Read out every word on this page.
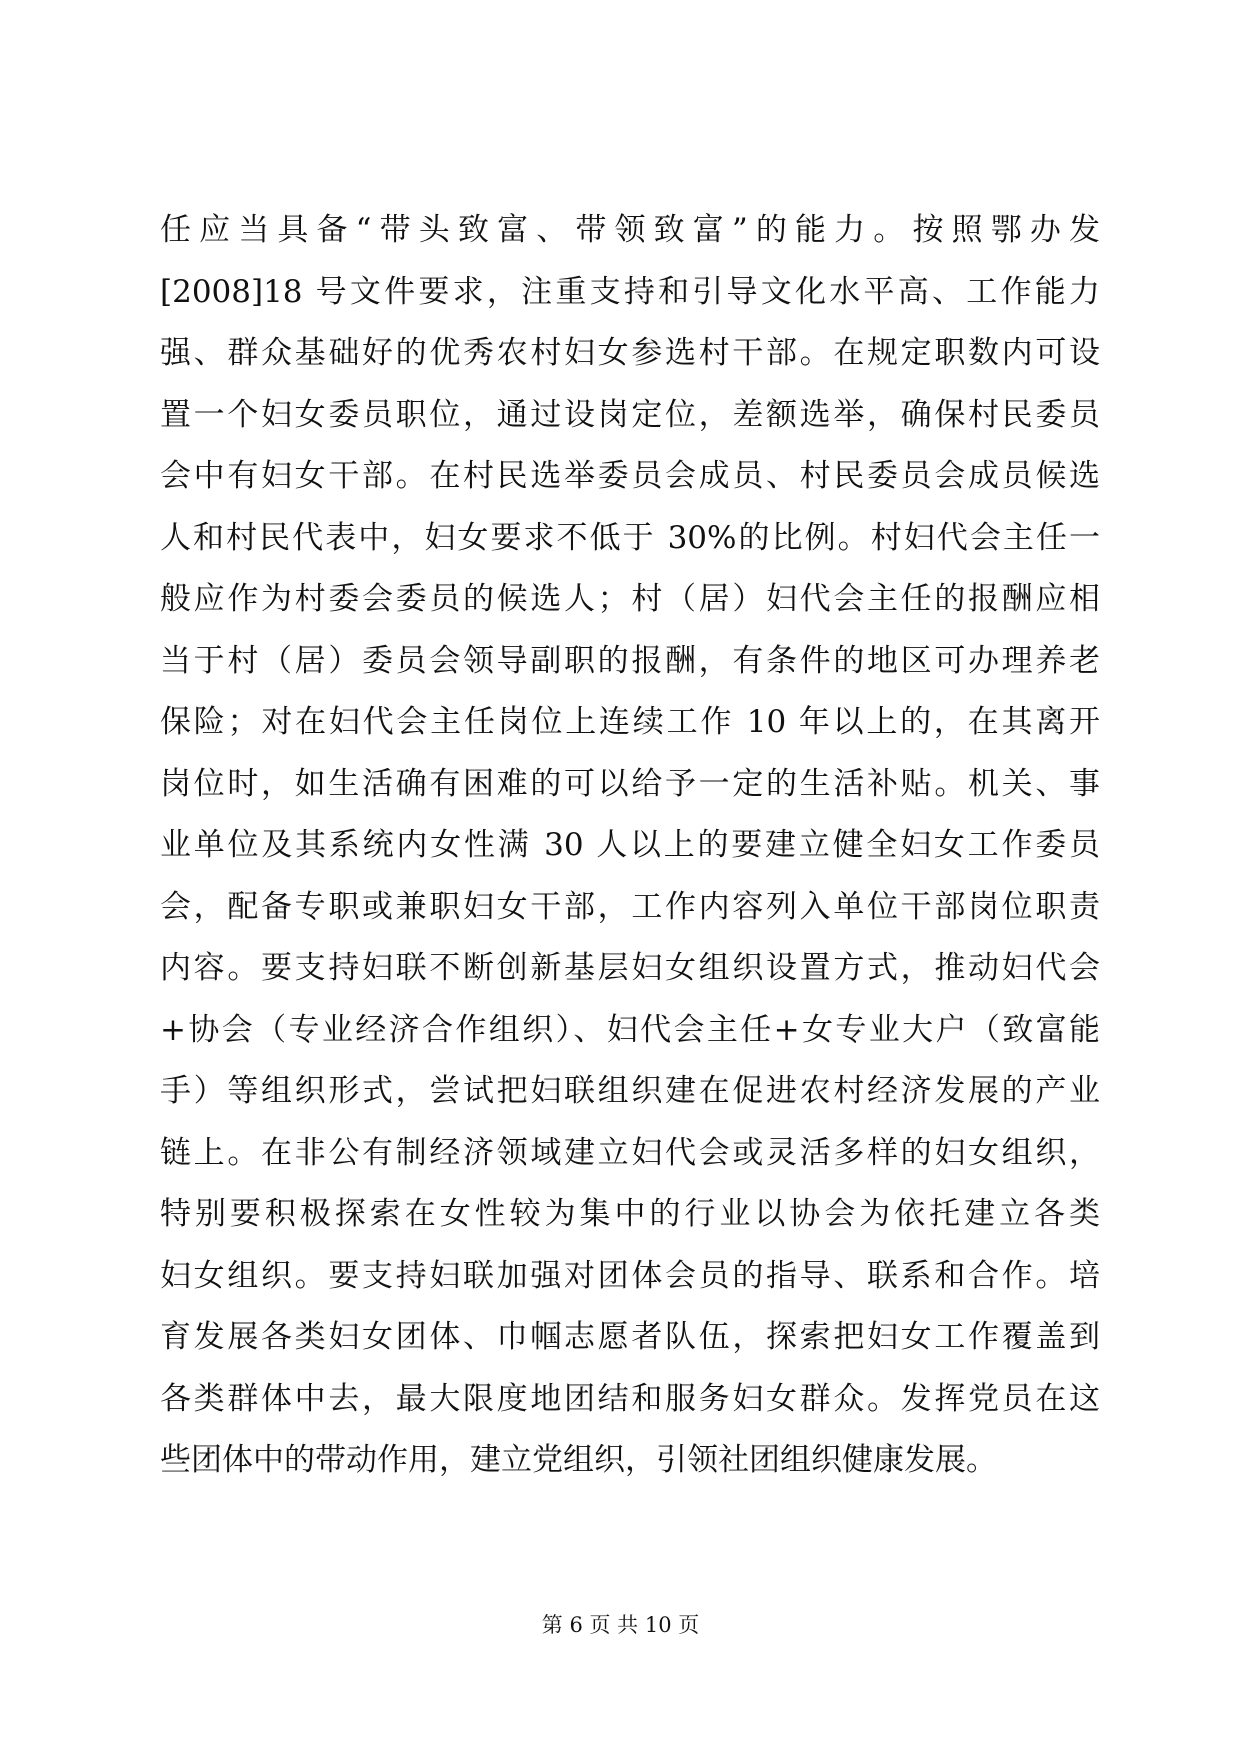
任应当具备“带头致富、带领致富”的能力。按照鄂办发
[2008]18 号文件要求，注重支持和引导文化水平高、工作能力
强、群众基础好的优秀农村妇女参选村干部。在规定职数内可设
置一个妇女委员职位，通过设岗定位，差额选举，确保村民委员
会中有妇女干部。在村民选举委员会成员、村民委员会成员候选
人和村民代表中，妇女要求不低于 30%的比例。村妇代会主任一
般应作为村委会委员的候选人；村（居）妇代会主任的报酬应相
当于村（居）委员会领导副职的报酬，有条件的地区可办理养老
保险；对在妇代会主任岗位上连续工作 10 年以上的，在其离开
岗位时，如生活确有困难的可以给予一定的生活补贴。机关、事
业单位及其系统内女性满 30 人以上的要建立健全妇女工作委员
会，配备专职或兼职妇女干部，工作内容列入单位干部岗位职责
内容。要支持妇联不断创新基层妇女组织设置方式，推动妇代会
+协会（专业经济合作组织）、妇代会主任+女专业大户（致富能
手）等组织形式，尝试把妇联组织建在促进农村经济发展的产业
链上。在非公有制经济领域建立妇代会或灵活多样的妇女组织，
特别要积极探索在女性较为集中的行业以协会为依托建立各类
妇女组织。要支持妇联加强对团体会员的指导、联系和合作。培
育发展各类妇女团体、巾帼志愿者队伍，探索把妇女工作覆盖到
各类群体中去，最大限度地团结和服务妇女群众。发挥党员在这
些团体中的带动作用，建立党组织，引领社团组织健康发展。
第 6 页 共 10 页
